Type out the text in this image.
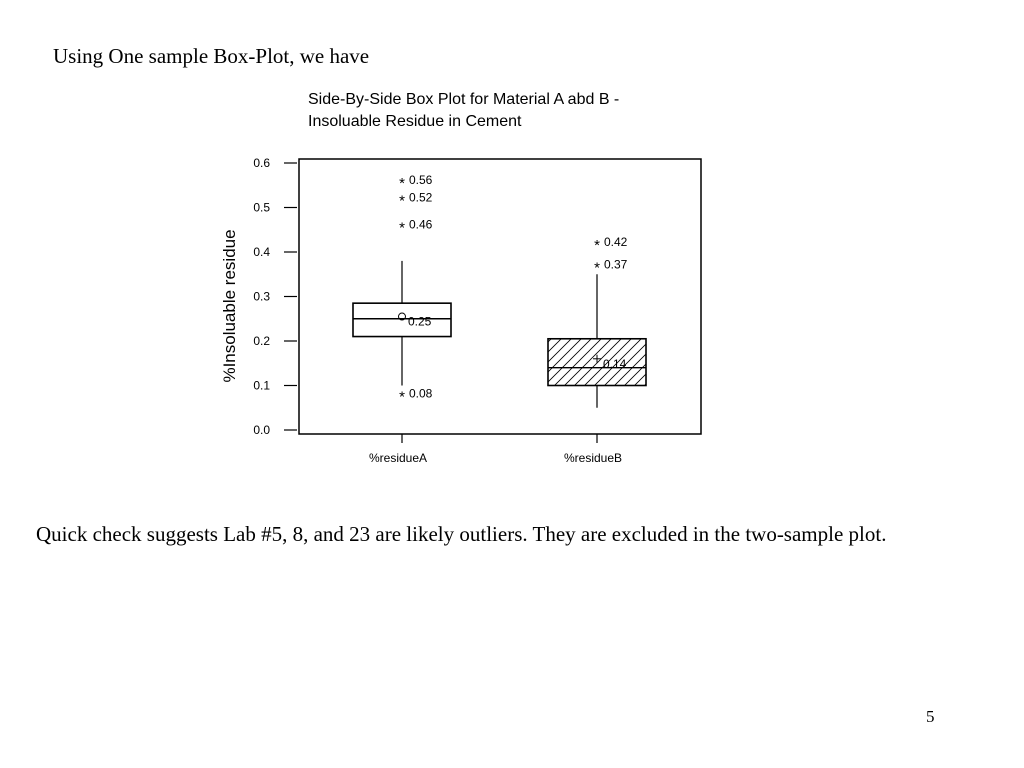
Using One sample Box-Plot, we have
Side-By-Side Box Plot for Material A abd B -
Insoluable Residue in Cement
0.0
0.1
0.2
0.3
0.4
0.5
0.6
%residueA	%residueB
0.25
* 0.56
* 0.52
* 0.46
* 0.08
0.14
* 0.42
* 0.37
%Insoluable residue
Quick check suggests Lab #5, 8, and 23 are likely outliers. They are excluded in the two-sample plot.
5
